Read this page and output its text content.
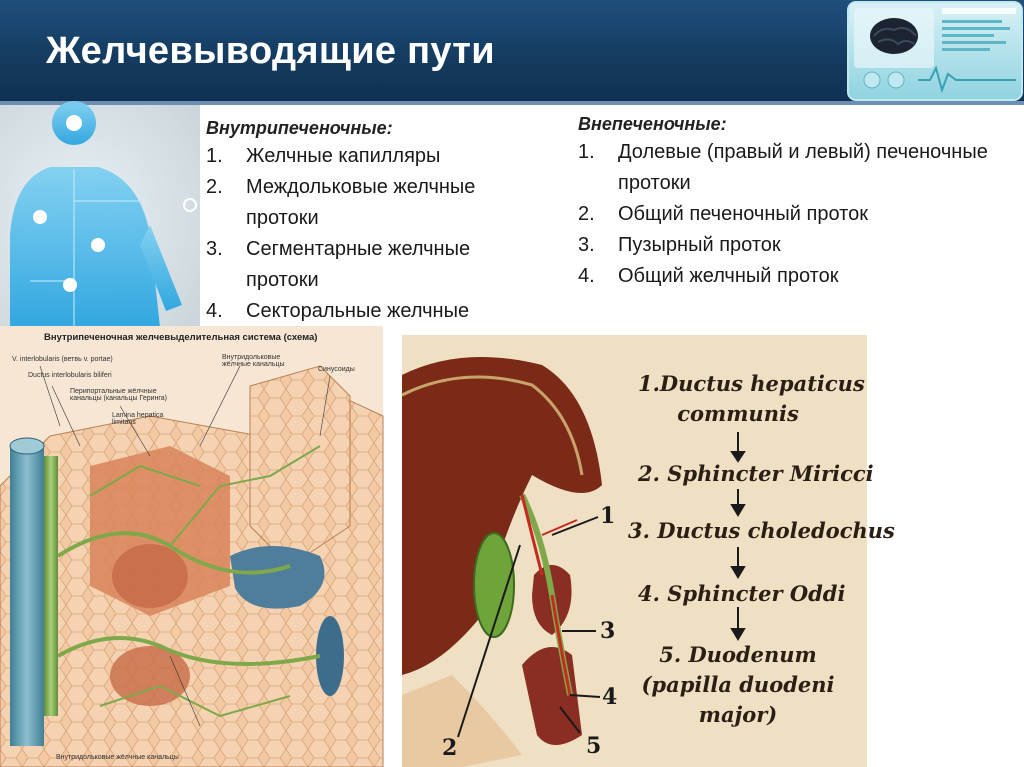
Желчевыводящие пути
Внутрипеченочные:
1. Желчные капилляры
2. Междольковые желчные протоки
3. Сегментарные желчные протоки
4. Секторальные желчные
Внепеченочные:
1. Долевые (правый и левый) печеночные протоки
2. Общий печеночный проток
3. Пузырный проток
4. Общий желчный проток
Внутрипеченочная желчевыделительная система (схема)
V. interlobularis (ветвь v. portae)
Ductus interlobularis biliferi
Перипортальные жёлчные канальцы (канальцы Геринга)
Lamina hepatica limitans
Внутридольковые жёлчные канальцы
Синусоиды
Внутридольковые жёлчные канальцы
1.Ductus hepaticus
communis
2. Sphincter Miricci
3. Ductus choledochus
4. Sphincter Oddi
5. Duodenum
(papilla duodeni
major)
1
2
3
4
5
